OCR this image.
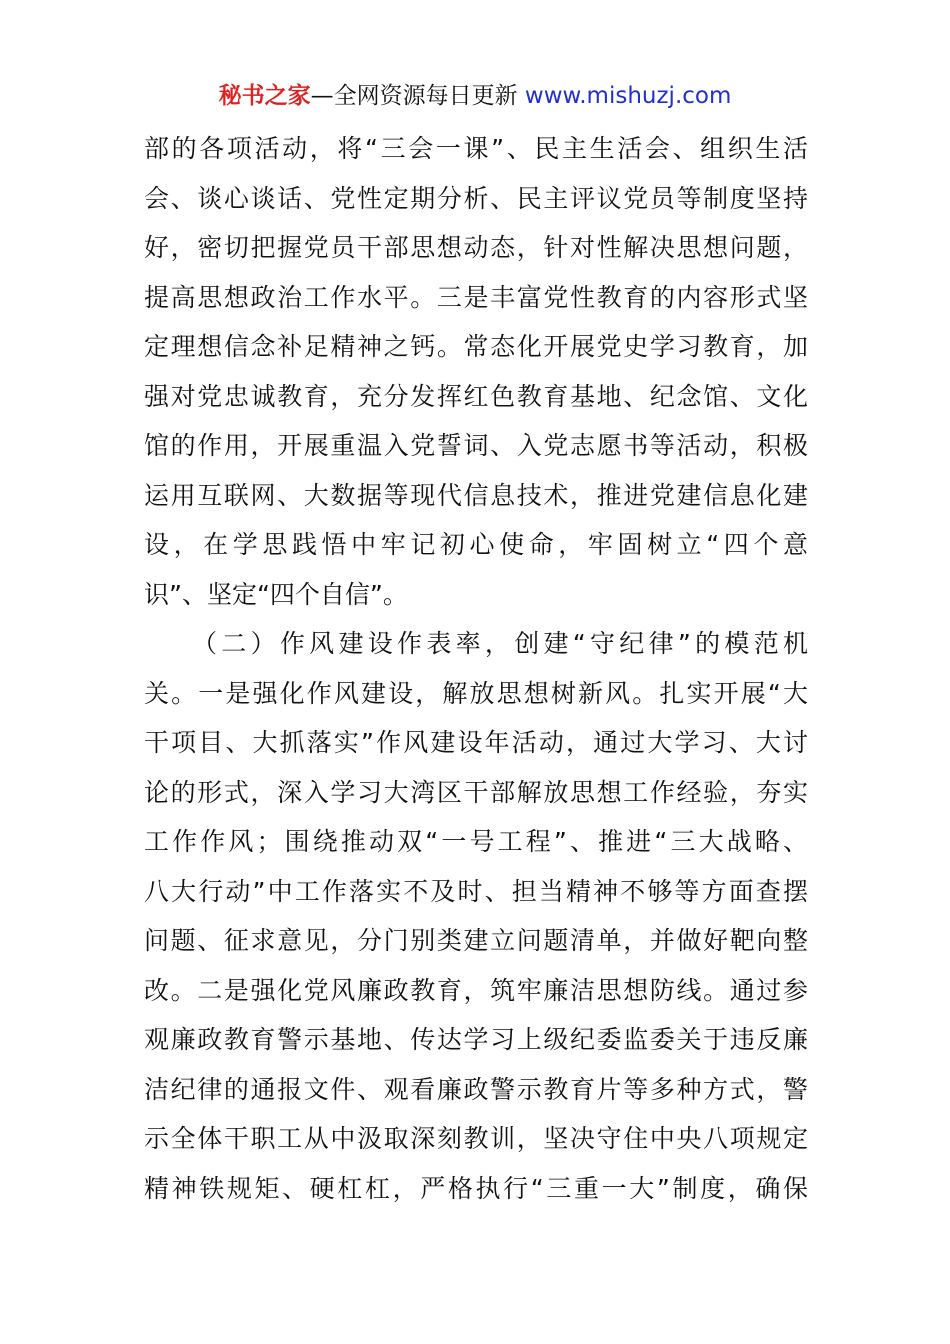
秘书之家—全网资源每日更新 www.mishuzj.com
部的各项活动，将“三会一课”、民主生活会、组织生活
会、谈心谈话、党性定期分析、民主评议党员等制度坚持
好，密切把握党员干部思想动态，针对性解决思想问题，
提高思想政治工作水平。三是丰富党性教育的内容形式坚
定理想信念补足精神之钙。常态化开展党史学习教育，加
强对党忠诚教育，充分发挥红色教育基地、纪念馆、文化
馆的作用，开展重温入党誓词、入党志愿书等活动，积极
运用互联网、大数据等现代信息技术，推进党建信息化建
设，在学思践悟中牢记初心使命，牢固树立“四个意
识”、坚定“四个自信”。
（二）作风建设作表率，创建“守纪律”的模范机
关。一是强化作风建设，解放思想树新风。扎实开展“大
干项目、大抓落实”作风建设年活动，通过大学习、大讨
论的形式，深入学习大湾区干部解放思想工作经验，夯实
工作作风；围绕推动双“一号工程”、推进“三大战略、
八大行动”中工作落实不及时、担当精神不够等方面查摆
问题、征求意见，分门别类建立问题清单，并做好靶向整
改。二是强化党风廉政教育，筑牢廉洁思想防线。通过参
观廉政教育警示基地、传达学习上级纪委监委关于违反廉
洁纪律的通报文件、观看廉政警示教育片等多种方式，警
示全体干职工从中汲取深刻教训，坚决守住中央八项规定
精神铁规矩、硬杠杠，严格执行“三重一大”制度，确保
